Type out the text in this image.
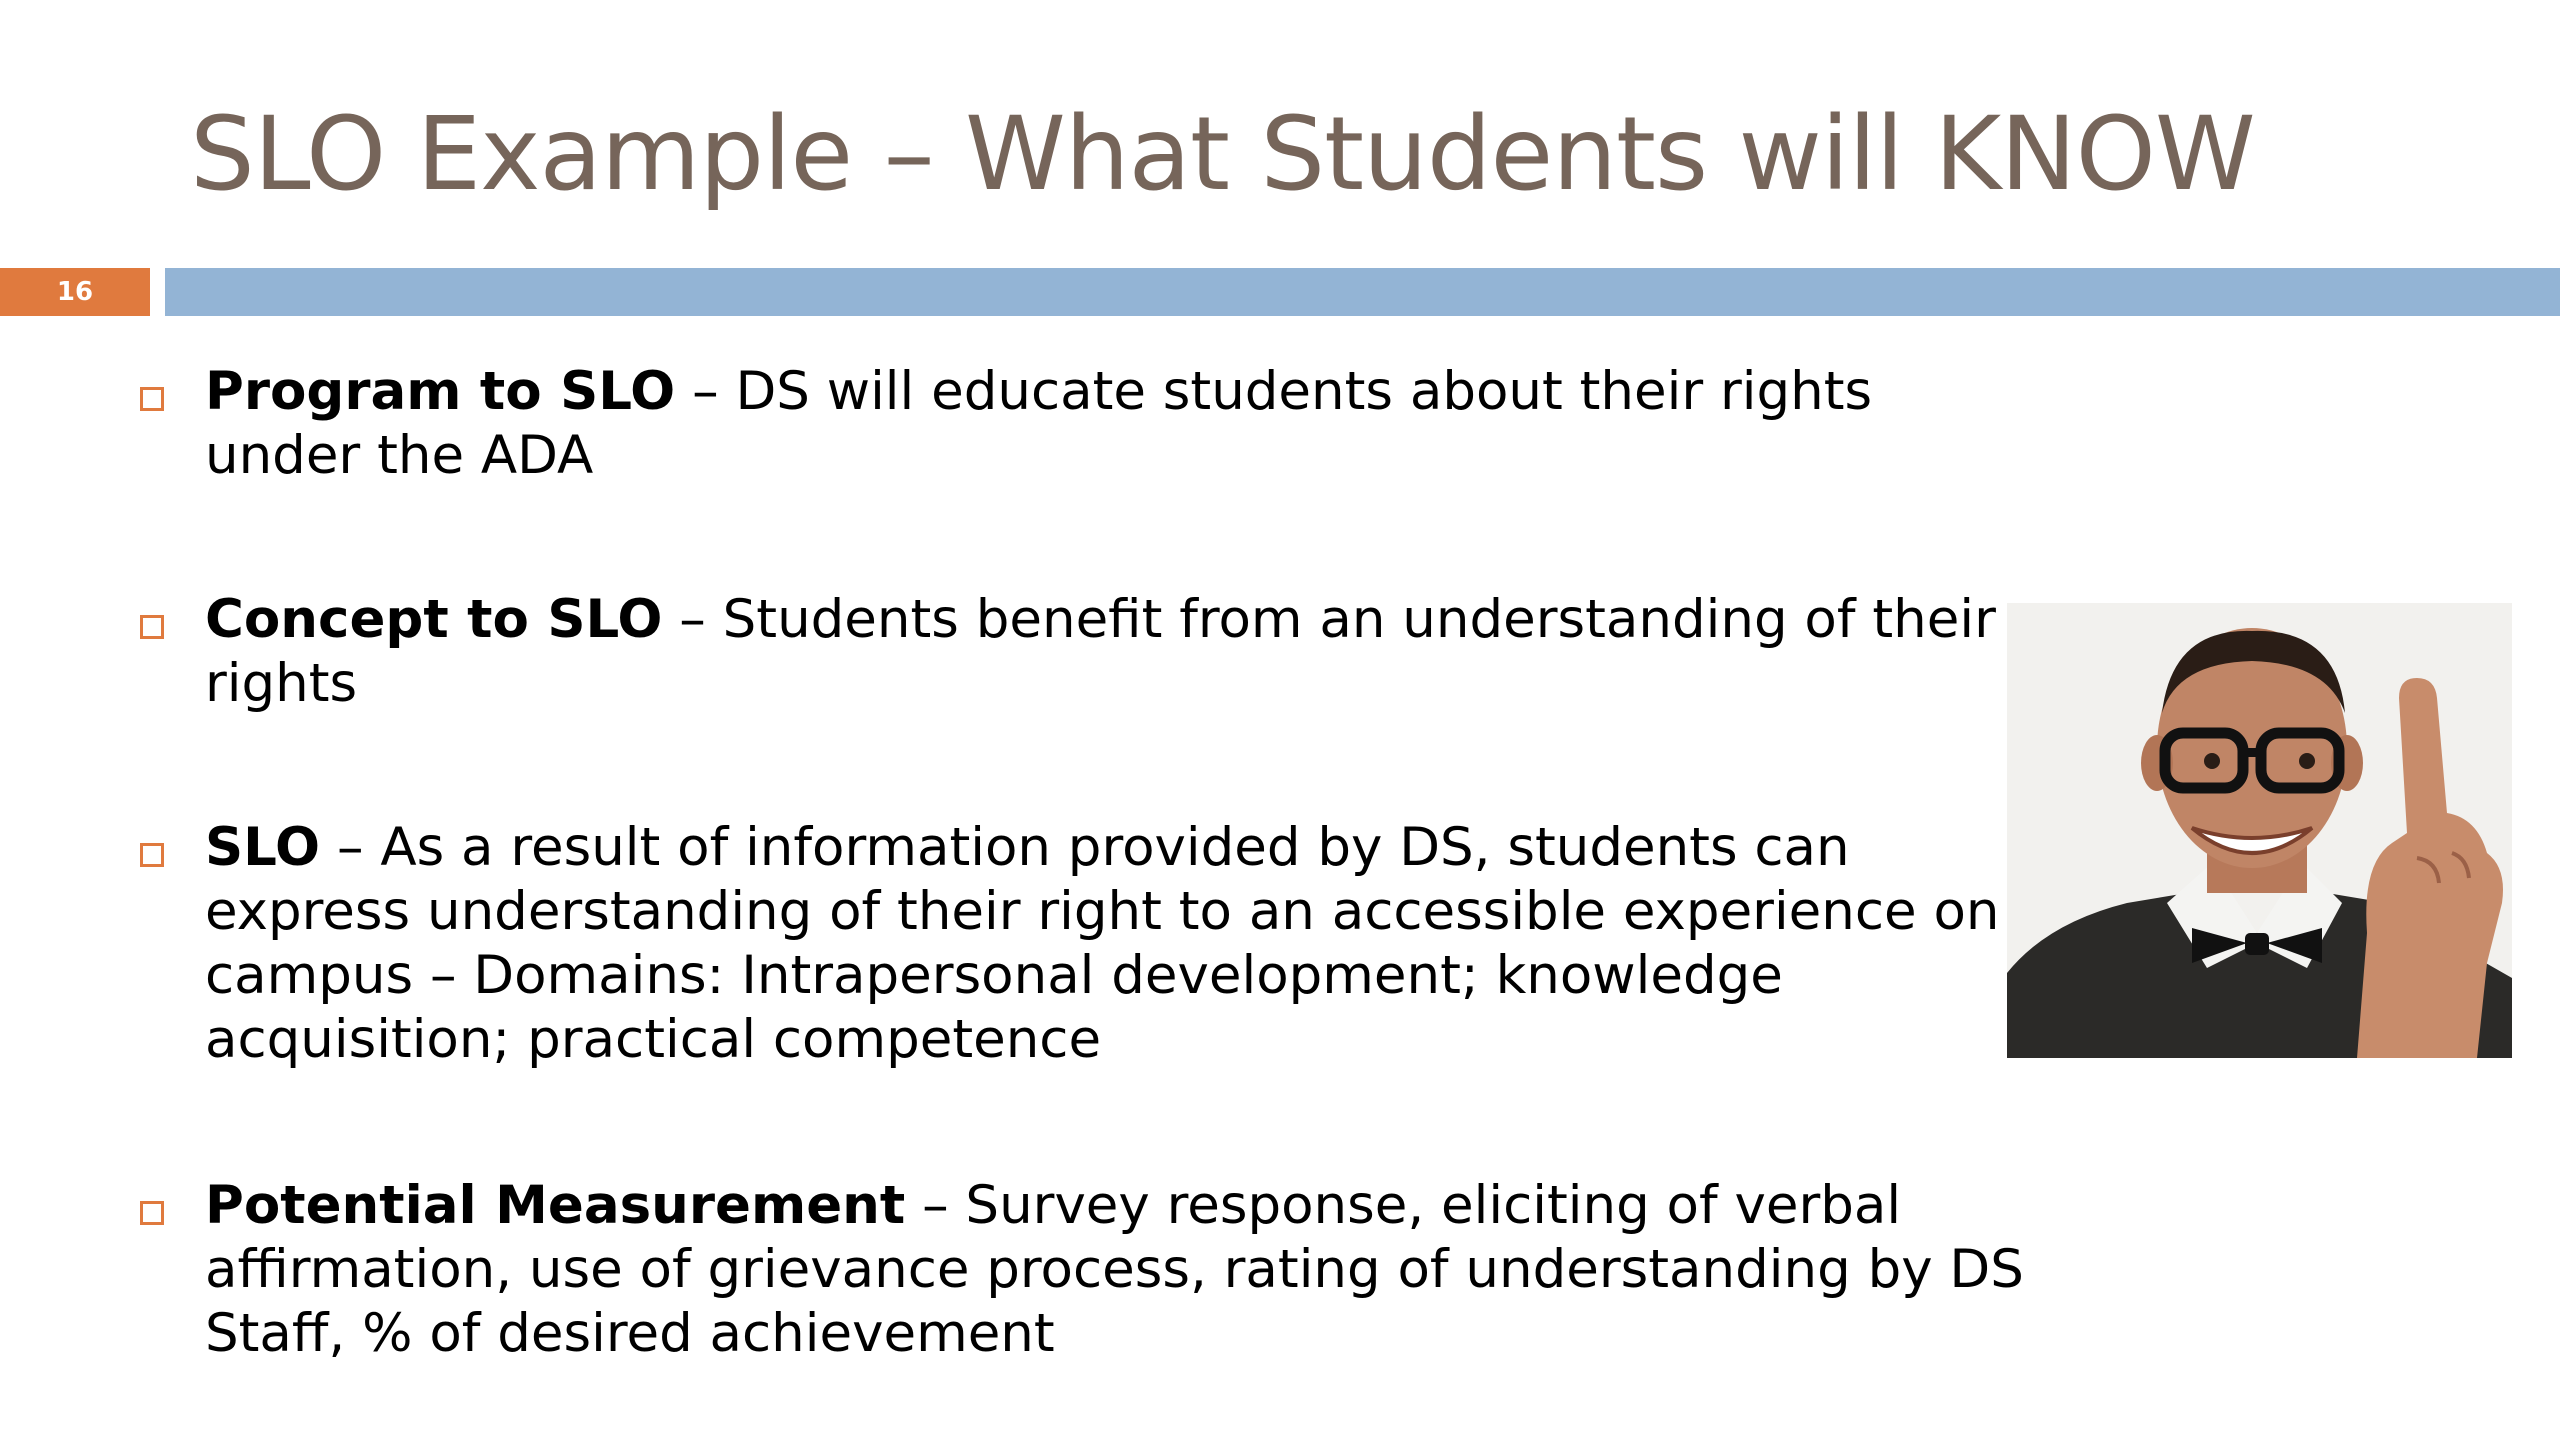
SLO Example – What Students will KNOW
16
Program to SLO – DS will educate students about their rights under the ADA
Concept to SLO – Students benefit from an understanding of their rights
SLO – As a result of information provided by DS, students can express understanding of their right to an accessible experience on campus – Domains: Intrapersonal development; knowledge acquisition; practical competence
Potential Measurement – Survey response, eliciting of verbal affirmation, use of grievance process, rating of understanding by DS Staff, % of desired achievement
